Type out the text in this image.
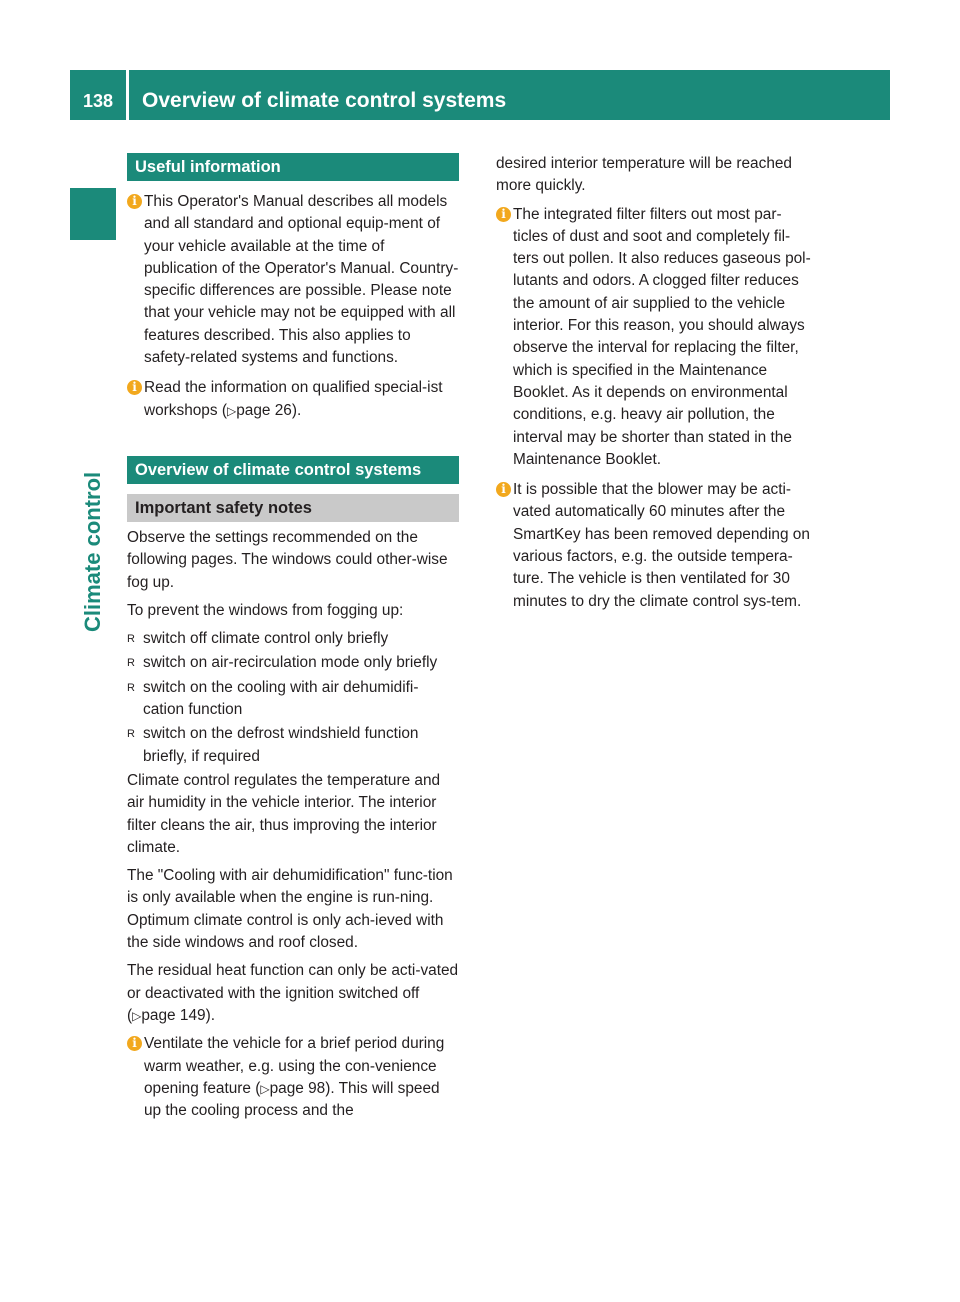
138	Overview of climate control systems
Climate control
Useful information
i This Operator's Manual describes all models and all standard and optional equip-ment of your vehicle available at the time of publication of the Operator's Manual. Country-specific differences are possible. Please note that your vehicle may not be equipped with all features described. This also applies to safety-related systems and functions.
i Read the information on qualified special-ist workshops (▷page 26).
Overview of climate control systems
Important safety notes

Observe the settings recommended on the following pages. The windows could other-wise fog up.

To prevent the windows from fogging up:

R switch off climate control only briefly
R switch on air-recirculation mode only briefly
R switch on the cooling with air dehumidifi-cation function
R switch on the defrost windshield function briefly, if required

Climate control regulates the temperature and air humidity in the vehicle interior. The interior filter cleans the air, thus improving the interior climate.

The "Cooling with air dehumidification" func-tion is only available when the engine is run-ning. Optimum climate control is only ach-ieved with the side windows and roof closed.

The residual heat function can only be acti-vated or deactivated with the ignition switched off (▷page 149).

i Ventilate the vehicle for a brief period during warm weather, e.g. using the con-venience opening feature (▷page 98). This will speed up the cooling process and the

desired interior temperature will be reached more quickly.

i The integrated filter filters out most par-ticles of dust and soot and completely fil-ters out pollen. It also reduces gaseous pol-lutants and odors. A clogged filter reduces the amount of air supplied to the vehicle interior. For this reason, you should always observe the interval for replacing the filter, which is specified in the Maintenance Booklet. As it depends on environmental conditions, e.g. heavy air pollution, the interval may be shorter than stated in the Maintenance Booklet.
i It is possible that the blower may be acti-vated automatically 60 minutes after the SmartKey has been removed depending on various factors, e.g. the outside tempera-ture. The vehicle is then ventilated for 30 minutes to dry the climate control sys-tem.
